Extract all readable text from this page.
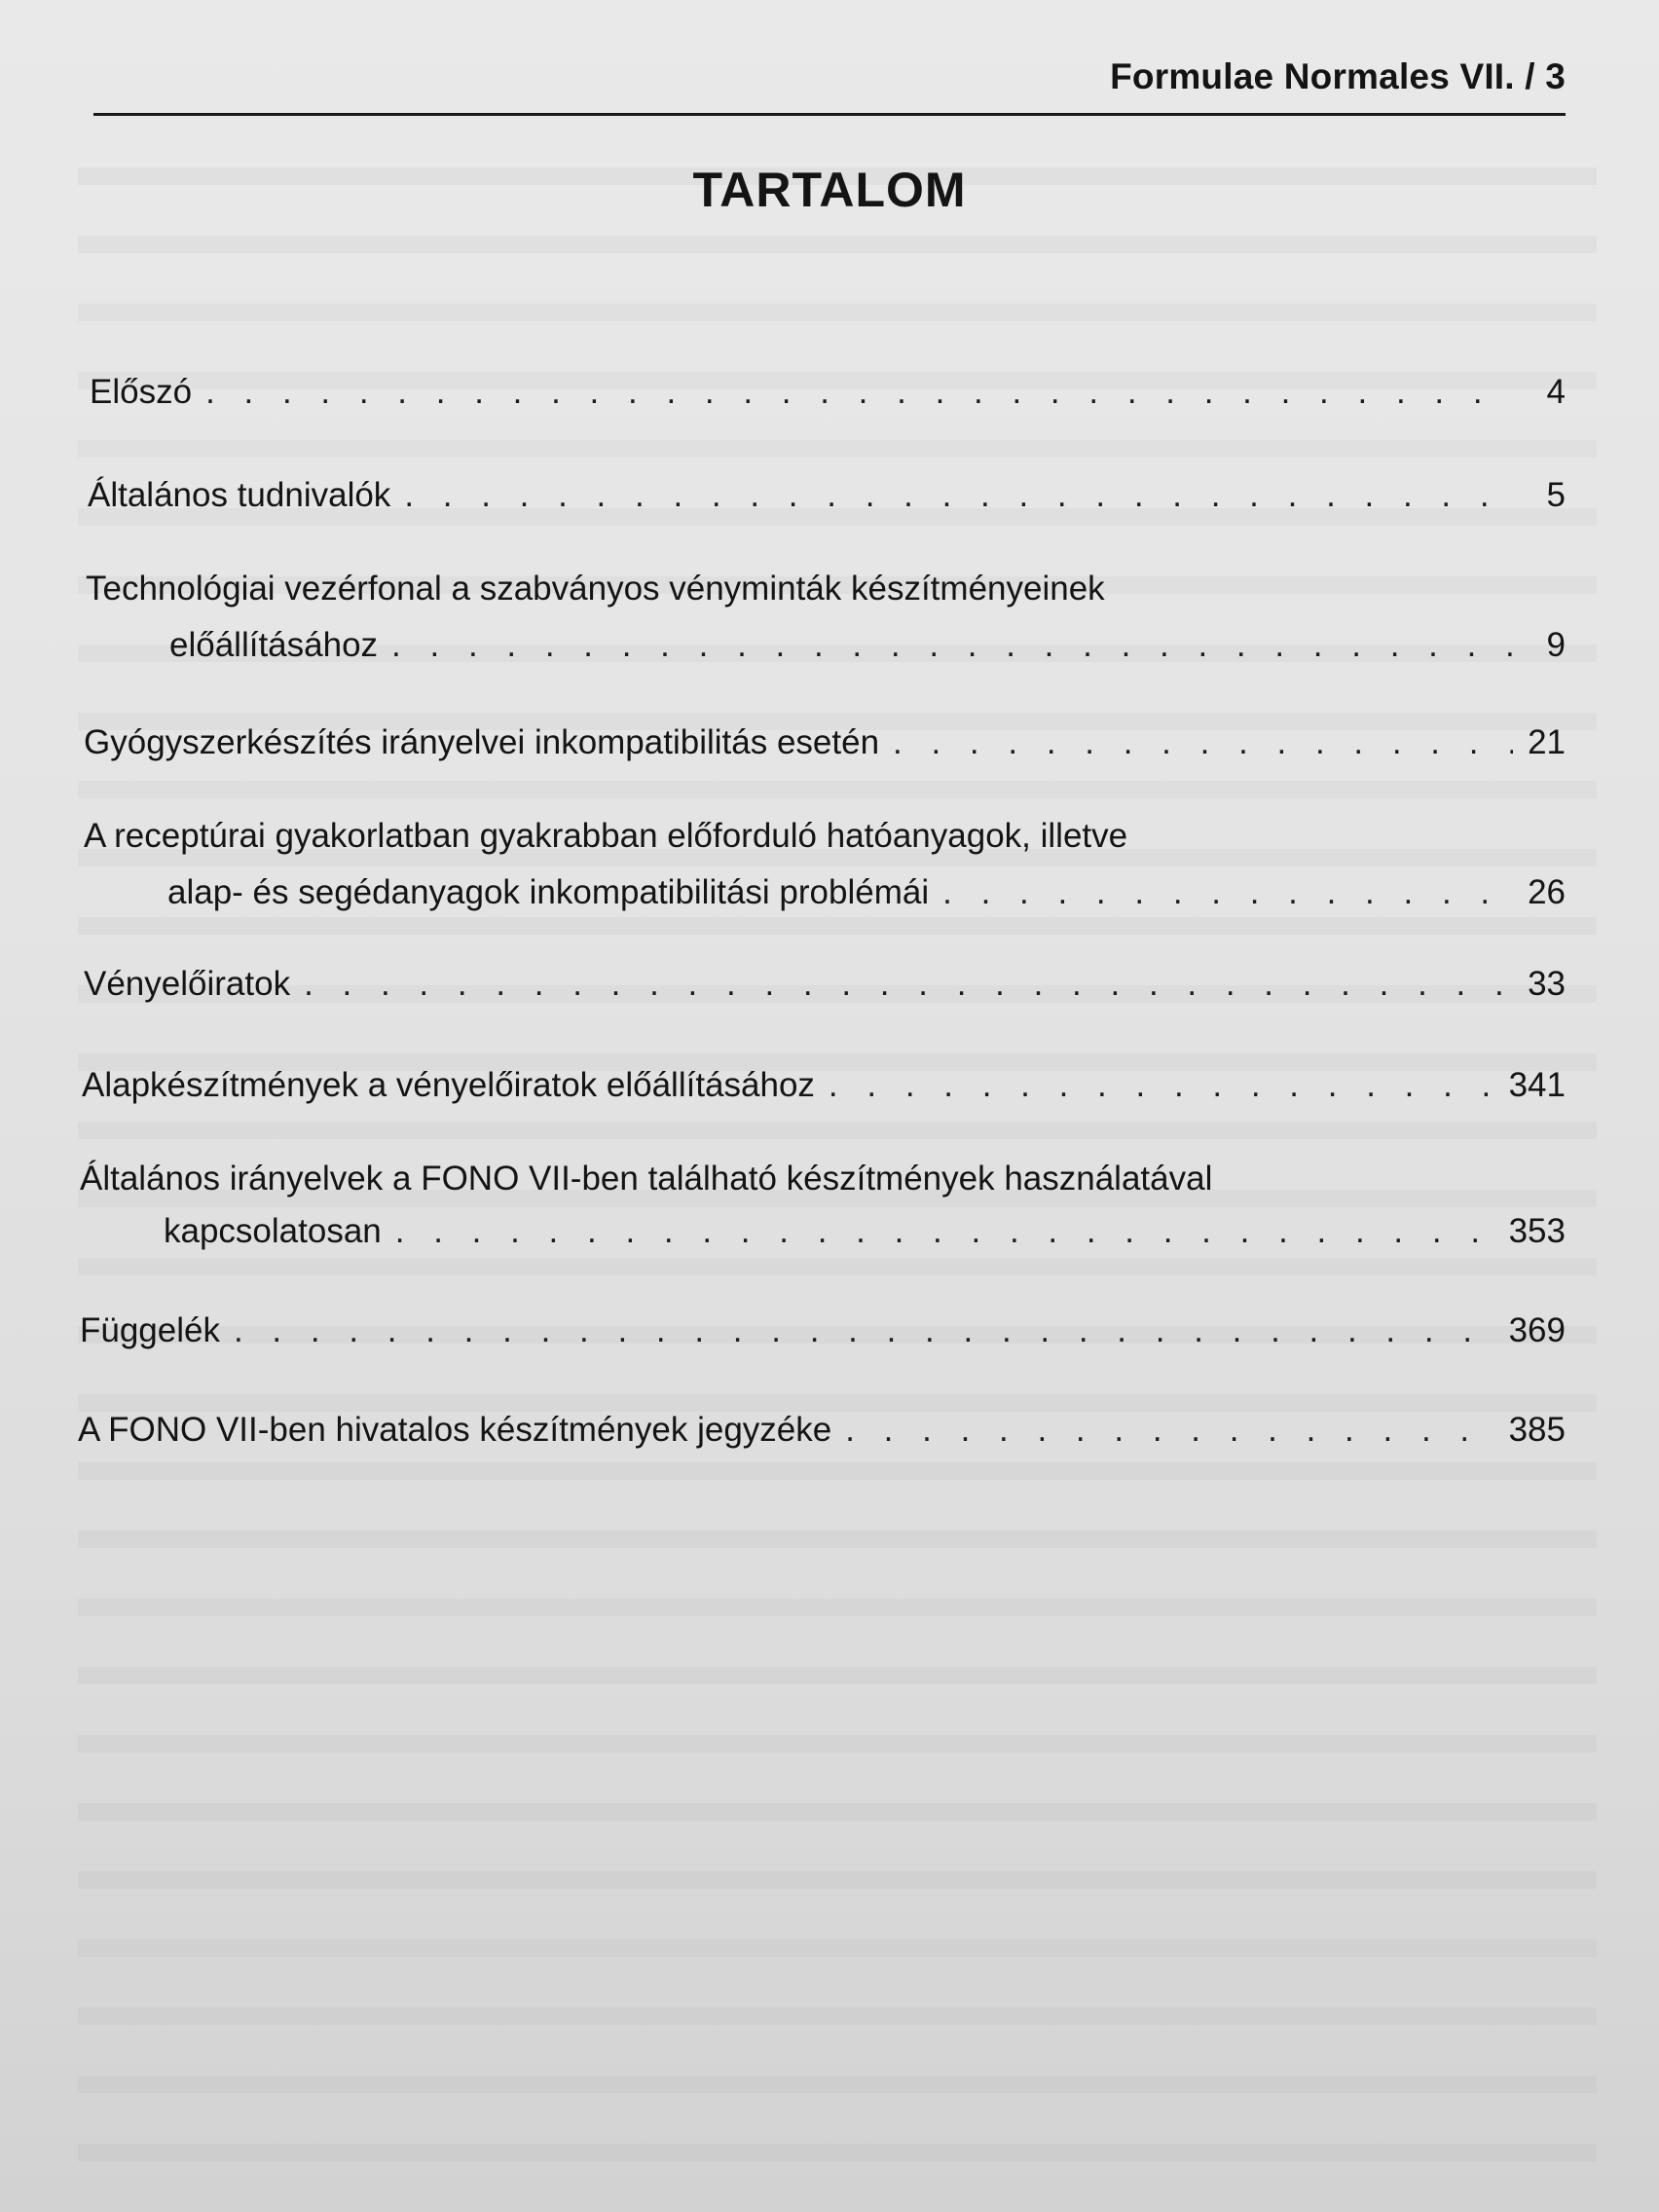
Formulae Normales VII. / 3
TARTALOM
Előszó . . .	4
Általános tudnivalók . . .	5
Technológiai vezérfonal a szabványos vényminták készítményeinek
előállításához . . .	9
Gyógyszerkészítés irányelvei inkompatibilitás esetén . . .	21
A receptúrai gyakorlatban gyakrabban előforduló hatóanyagok, illetve
alap- és segédanyagok inkompatibilitási problémái . . .	26
Vényelőiratok . . .	33
Alapkészítmények a vényelőiratok előállításához . . .	341
Általános irányelvek a FONO VII-ben található készítmények használatával
kapcsolatosan . . .	353
Függelék . . .	369
A FONO VII-ben hivatalos készítmények jegyzéke . . .	385
